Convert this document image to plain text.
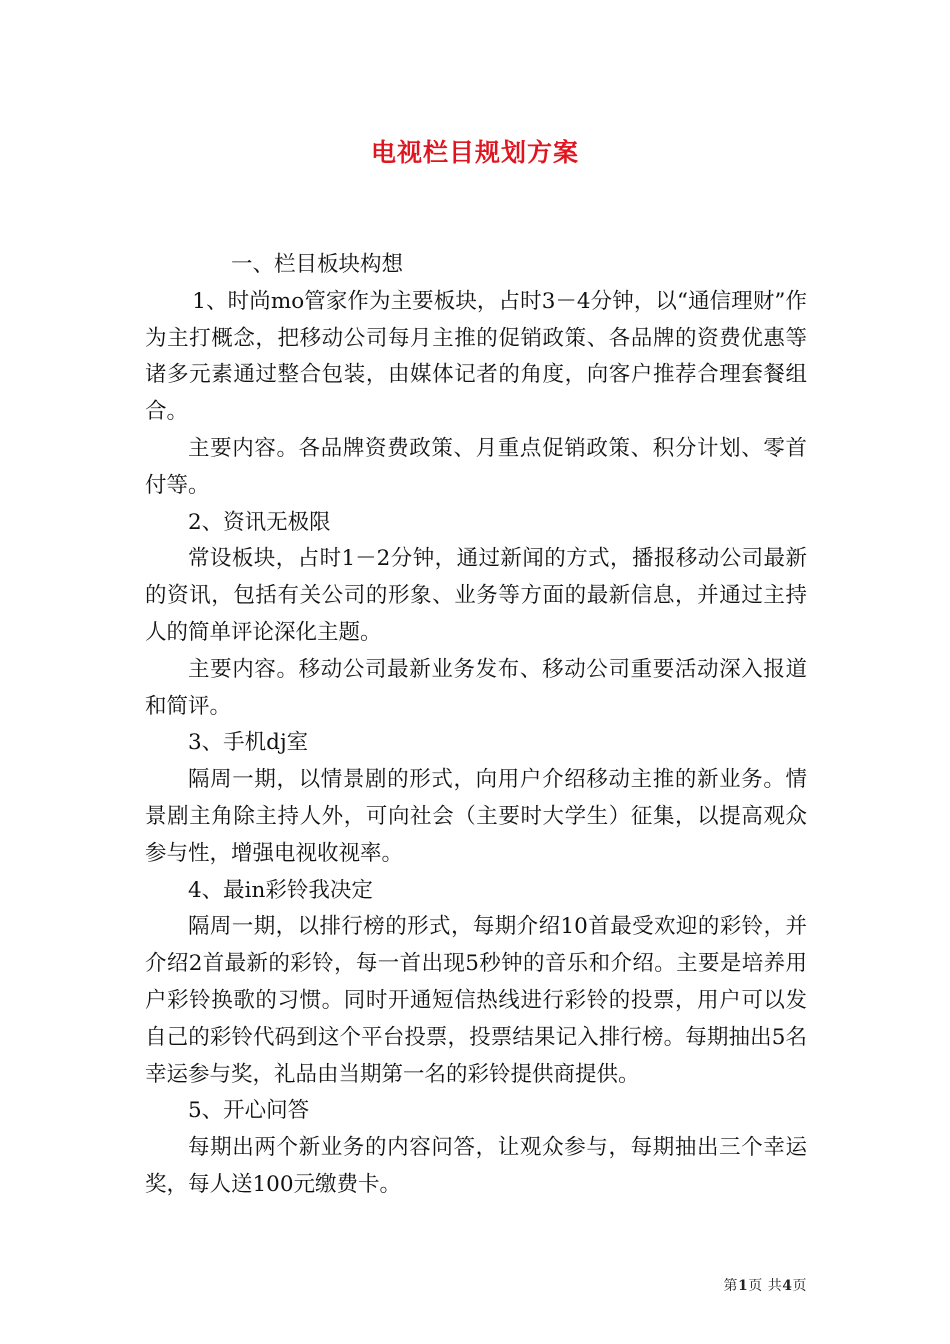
电视栏目规划方案

一、栏目板块构想

1、时尚mo管家作为主要板块，占时3－4分钟，以“通信理财”作为主打概念，把移动公司每月主推的促销政策、各品牌的资费优惠等诸多元素通过整合包装，由媒体记者的角度，向客户推荐合理套餐组合。

主要内容。各品牌资费政策、月重点促销政策、积分计划、零首付等。

2、资讯无极限

常设板块，占时1－2分钟，通过新闻的方式，播报移动公司最新的资讯，包括有关公司的形象、业务等方面的最新信息，并通过主持人的简单评论深化主题。

主要内容。移动公司最新业务发布、移动公司重要活动深入报道和简评。

3、手机dj室

隔周一期，以情景剧的形式，向用户介绍移动主推的新业务。情景剧主角除主持人外，可向社会（主要时大学生）征集，以提高观众参与性，增强电视收视率。

4、最in彩铃我决定

隔周一期，以排行榜的形式，每期介绍10首最受欢迎的彩铃，并介绍2首最新的彩铃，每一首出现5秒钟的音乐和介绍。主要是培养用户彩铃换歌的习惯。同时开通短信热线进行彩铃的投票，用户可以发自己的彩铃代码到这个平台投票，投票结果记入排行榜。每期抽出5名幸运参与奖，礼品由当期第一名的彩铃提供商提供。

5、开心问答

每期出两个新业务的内容问答，让观众参与，每期抽出三个幸运奖，每人送100元缴费卡。

第1页 共4页
